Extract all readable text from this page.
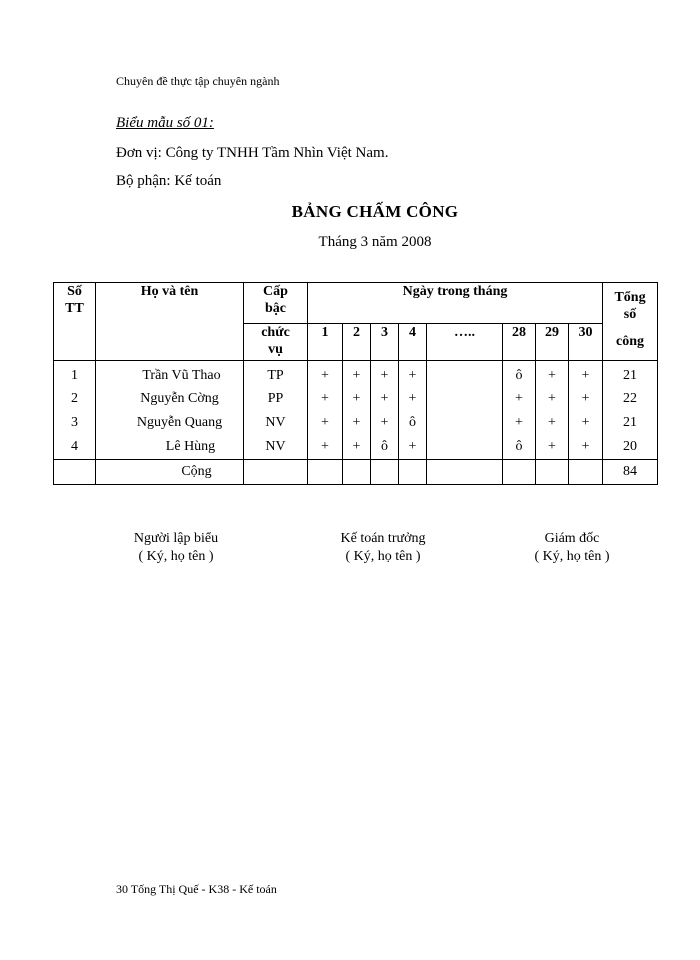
Chuyên đề thực tập chuyên ngành
Biểu mẫu số 01:
Đơn vị: Công ty TNHH Tầm Nhìn Việt Nam.
Bộ phận: Kế toán
BẢNG CHẤM CÔNG
Tháng 3 năm 2008
Số TT	Họ và tên	Cấp bậc	Ngày trong tháng								Tổng
số
công

		chức vụ	1	2	3	4	…..	28	29	30	
1	Trần Vũ Thao	TP	+	+	+	+		ô	+	+	21
2	Nguyễn Cờng	PP	+	+	+	+		+	+	+	22
3	Nguyễn Quang	NV	+	+	+	ô		+	+	+	21
4	Lê Hùng	NV	+	+	ô	+		ô	+	+	20
	Cộng										84
Người lập biểu
( Ký, họ tên )
Kế toán trưởng
( Ký, họ tên )
Giám đốc
( Ký, họ tên )
30 Tống Thị Quế - K38 - Kế toán
